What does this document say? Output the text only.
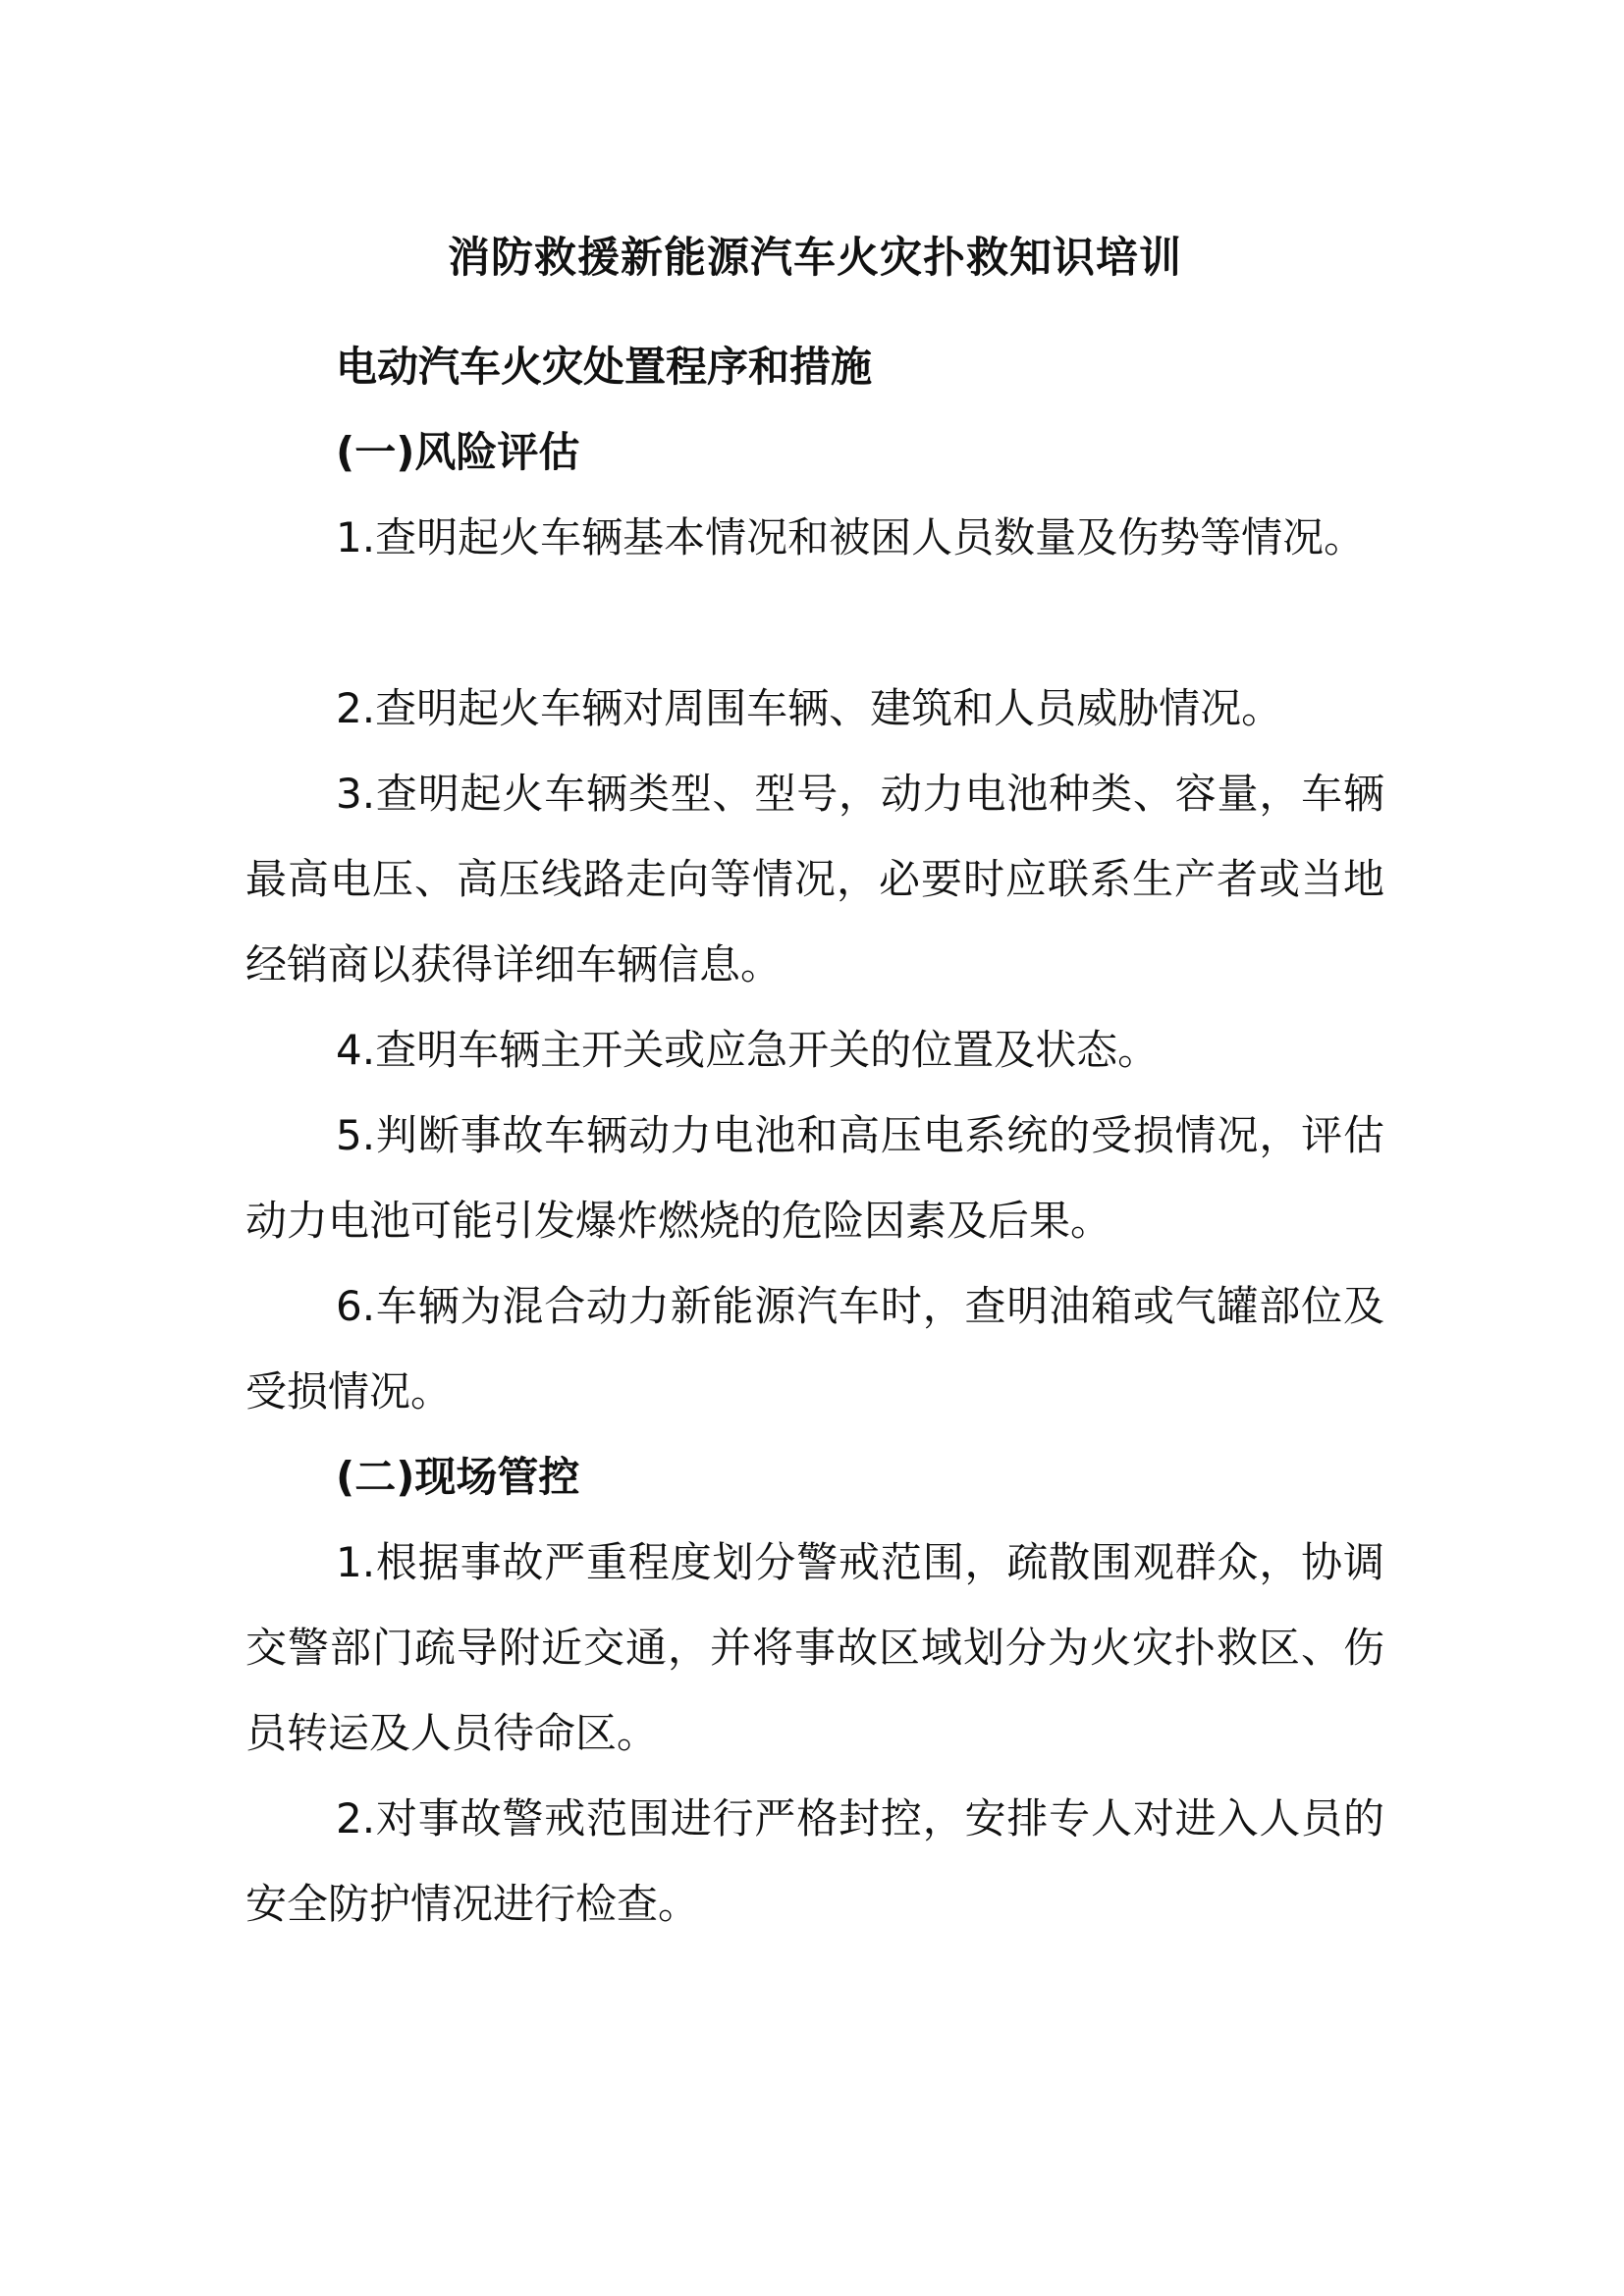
消防救援新能源汽车火灾扑救知识培训

电动汽车火灾处置程序和措施

(一)风险评估

1.查明起火车辆基本情况和被困人员数量及伤势等情况。

2.查明起火车辆对周围车辆、建筑和人员威胁情况。

3.查明起火车辆类型、型号，动力电池种类、容量，车辆最高电压、高压线路走向等情况，必要时应联系生产者或当地经销商以获得详细车辆信息。

4.查明车辆主开关或应急开关的位置及状态。

5.判断事故车辆动力电池和高压电系统的受损情况，评估动力电池可能引发爆炸燃烧的危险因素及后果。

6.车辆为混合动力新能源汽车时，查明油箱或气罐部位及受损情况。

(二)现场管控

1.根据事故严重程度划分警戒范围，疏散围观群众，协调交警部门疏导附近交通，并将事故区域划分为火灾扑救区、伤员转运及人员待命区。

2.对事故警戒范围进行严格封控，安排专人对进入人员的安全防护情况进行检查。
